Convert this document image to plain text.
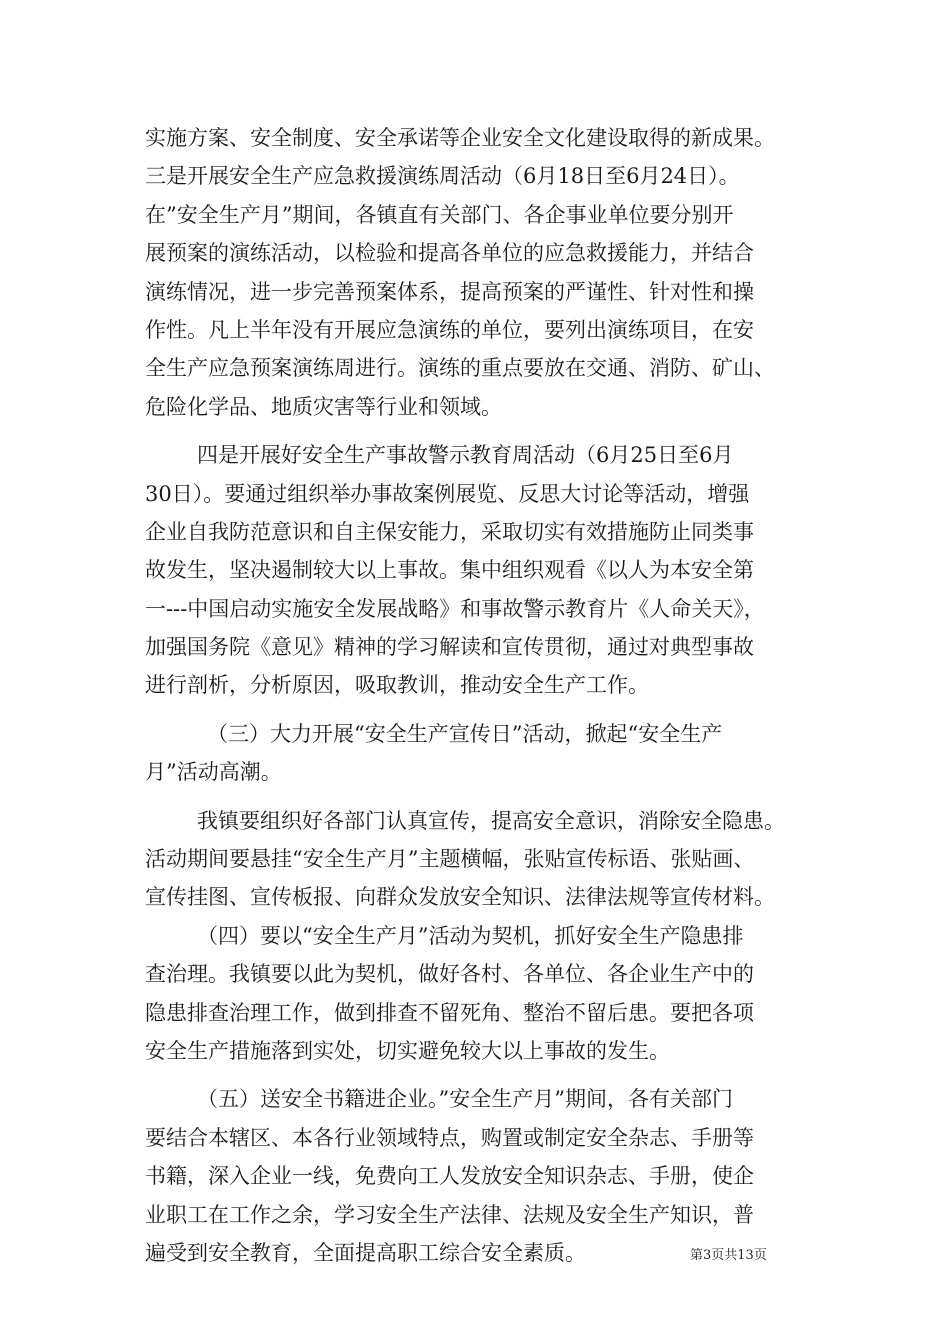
实施方案、安全制度、安全承诺等企业安全文化建设取得的新成果。
三是开展安全生产应急救援演练周活动（6月18日至6月24日）。
在”安全生产月”期间，各镇直有关部门、各企事业单位要分别开
展预案的演练活动，以检验和提高各单位的应急救援能力，并结合
演练情况，进一步完善预案体系，提高预案的严谨性、针对性和操
作性。凡上半年没有开展应急演练的单位，要列出演练项目，在安
全生产应急预案演练周进行。演练的重点要放在交通、消防、矿山、
危险化学品、地质灾害等行业和领域。
四是开展好安全生产事故警示教育周活动（6月25日至6月
30日）。要通过组织举办事故案例展览、反思大讨论等活动，增强
企业自我防范意识和自主保安能力，采取切实有效措施防止同类事
故发生，坚决遏制较大以上事故。集中组织观看《以人为本安全第
一---中国启动实施安全发展战略》和事故警示教育片《人命关天》，
加强国务院《意见》精神的学习解读和宣传贯彻，通过对典型事故
进行剖析，分析原因，吸取教训，推动安全生产工作。
（三）大力开展“安全生产宣传日”活动，掀起“安全生产
月”活动高潮。
我镇要组织好各部门认真宣传，提高安全意识，消除安全隐患。
活动期间要悬挂“安全生产月”主题横幅，张贴宣传标语、张贴画、
宣传挂图、宣传板报、向群众发放安全知识、法律法规等宣传材料。
（四）要以“安全生产月”活动为契机，抓好安全生产隐患排
查治理。我镇要以此为契机，做好各村、各单位、各企业生产中的
隐患排查治理工作，做到排查不留死角、整治不留后患。要把各项
安全生产措施落到实处，切实避免较大以上事故的发生。
（五）送安全书籍进企业。”安全生产月”期间，各有关部门
要结合本辖区、本各行业领域特点，购置或制定安全杂志、手册等
书籍，深入企业一线，免费向工人发放安全知识杂志、手册，使企
业职工在工作之余，学习安全生产法律、法规及安全生产知识，普
遍受到安全教育，全面提高职工综合安全素质。	第3页共13页
